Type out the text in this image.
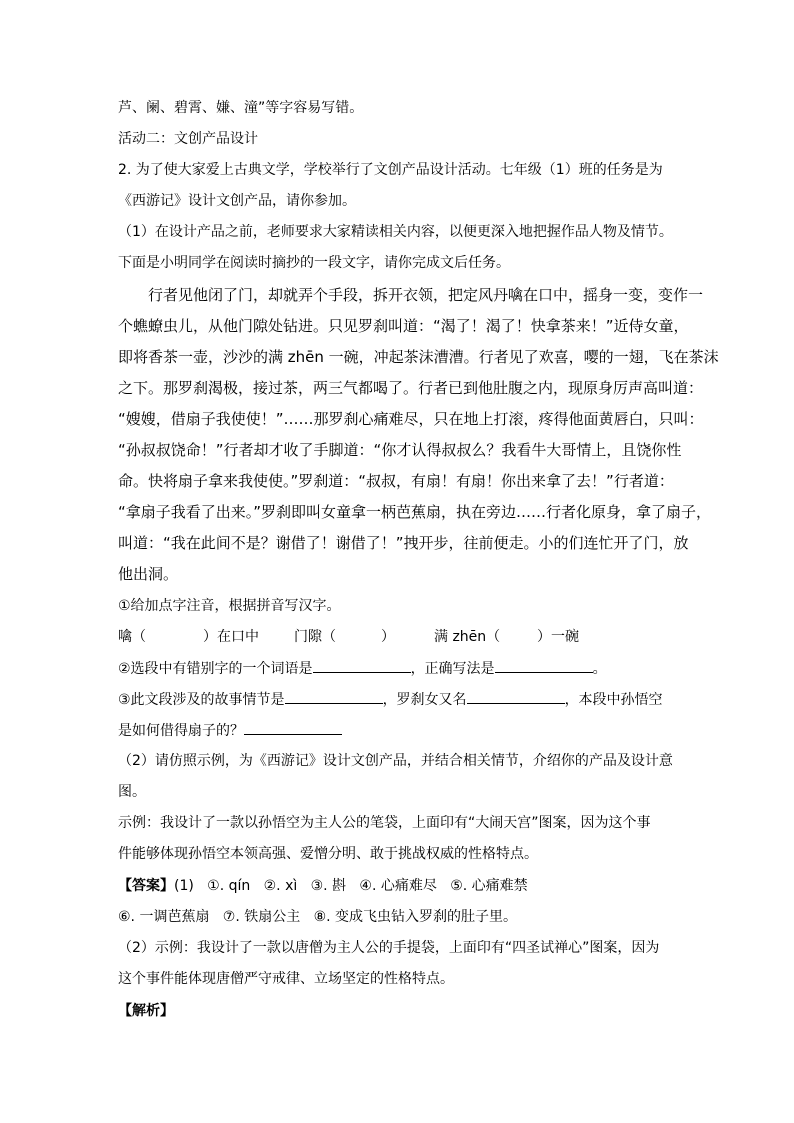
芦、阑、碧霄、嫌、潼”等字容易写错。
活动二：文创产品设计
2. 为了使大家爱上古典文学，学校举行了文创产品设计活动。七年级（1）班的任务是为
《西游记》设计文创产品，请你参加。
（1）在设计产品之前，老师要求大家精读相关内容，以便更深入地把握作品人物及情节。
下面是小明同学在阅读时摘抄的一段文字，请你完成文后任务。
行者见他闭了门，却就弄个手段，拆开衣领，把定风丹噙在口中，摇身一变，变作一
个蟭蟟虫儿，从他门隙处钻进。只见罗刹叫道：“渴了！渴了！快拿茶来！”近侍女童，
即将香茶一壶，沙沙的满 zhēn 一碗，冲起茶沫漕漕。行者见了欢喜，嘤的一翅，飞在茶沫
之下。那罗刹渴极，接过茶，两三气都喝了。行者已到他肚腹之内，现原身厉声高叫道：
“嫂嫂，借扇子我使使！”……那罗刹心痛难尽，只在地上打滚，疼得他面黄唇白，只叫：
“孙叔叔饶命！”行者却才收了手脚道：“你才认得叔叔么？我看牛大哥情上，且饶你性
命。快将扇子拿来我使使。”罗刹道：“叔叔，有扇！有扇！你出来拿了去！”行者道：
“拿扇子我看了出来。”罗刹即叫女童拿一柄芭蕉扇，执在旁边……行者化原身，拿了扇子，
叫道：“我在此间不是？谢借了！谢借了！”拽开步，往前便走。小的们连忙开了门，放
他出洞。
①给加点字注音，根据拼音写汉字。
噙（	）在口中	门隙（	）	满 zhēn（	）一碗
②选段中有错别字的一个词语是	，正确写法是	。
③此文段涉及的故事情节是	，罗刹女又名	，本段中孙悟空
是如何借得扇子的？
（2）请仿照示例，为《西游记》设计文创产品，并结合相关情节，介绍你的产品及设计意
图。
示例：我设计了一款以孙悟空为主人公的笔袋，上面印有“大闹天宫”图案，因为这个事
件能够体现孙悟空本领高强、爱憎分明、敢于挑战权威的性格特点。
【答案】(1)   ①. qín   ②. xì   ③. 斟   ④. 心痛难尽   ⑤. 心痛难禁
⑥. 一调芭蕉扇   ⑦. 铁扇公主   ⑧. 变成飞虫钻入罗刹的肚子里。
（2）示例：我设计了一款以唐僧为主人公的手提袋，上面印有“四圣试禅心”图案，因为
这个事件能体现唐僧严守戒律、立场坚定的性格特点。
【解析】
